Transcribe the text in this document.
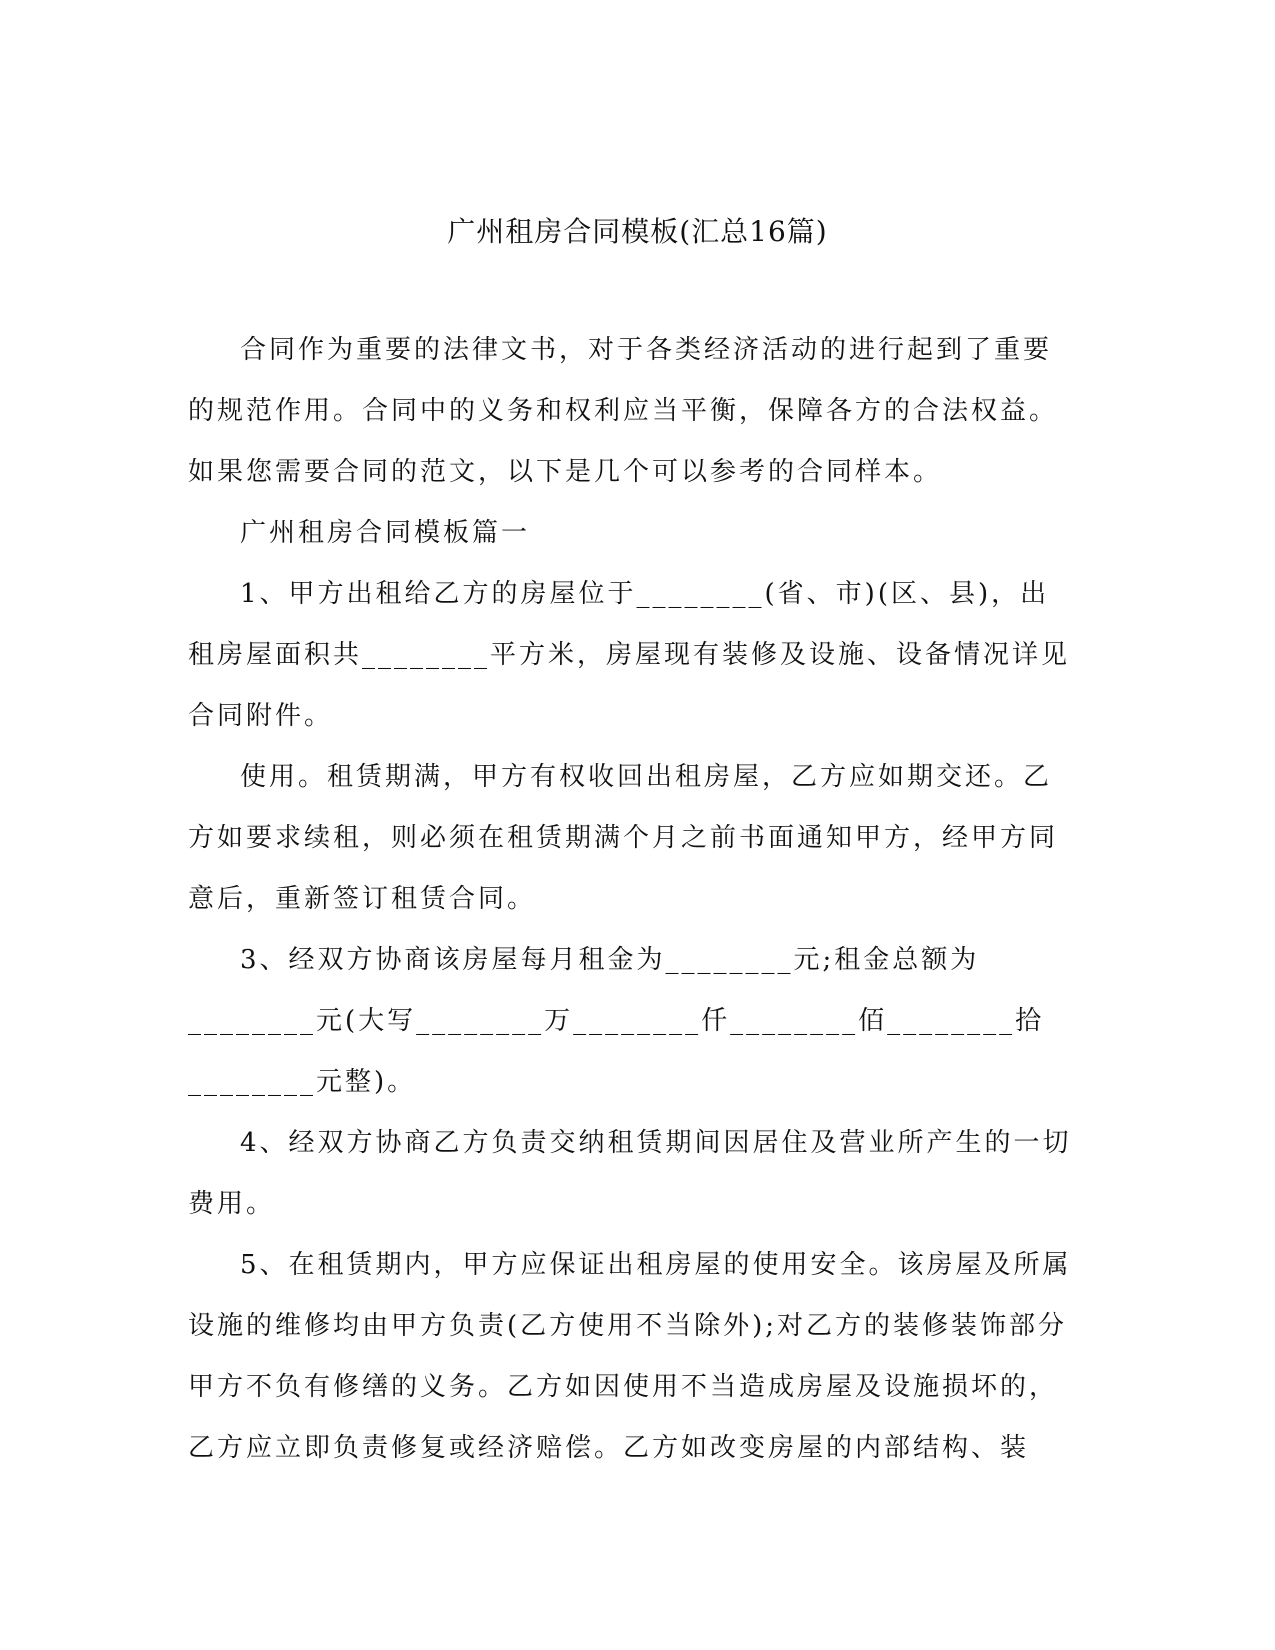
广州租房合同模板(汇总16篇)

合同作为重要的法律文书，对于各类经济活动的进行起到了重要的规范作用。合同中的义务和权利应当平衡，保障各方的合法权益。如果您需要合同的范文，以下是几个可以参考的合同样本。

广州租房合同模板篇一

1、甲方出租给乙方的房屋位于________(省、市)(区、县)，出租房屋面积共________平方米，房屋现有装修及设施、设备情况详见合同附件。

使用。租赁期满，甲方有权收回出租房屋，乙方应如期交还。乙方如要求续租，则必须在租赁期满个月之前书面通知甲方，经甲方同意后，重新签订租赁合同。

3、经双方协商该房屋每月租金为________元;租金总额为________元(大写________万________仟________佰________拾________元整)。

4、经双方协商乙方负责交纳租赁期间因居住及营业所产生的一切费用。

5、在租赁期内，甲方应保证出租房屋的使用安全。该房屋及所属设施的维修均由甲方负责(乙方使用不当除外);对乙方的装修装饰部分甲方不负有修缮的义务。乙方如因使用不当造成房屋及设施损坏的，乙方应立即负责修复或经济赔偿。乙方如改变房屋的内部结构、装
